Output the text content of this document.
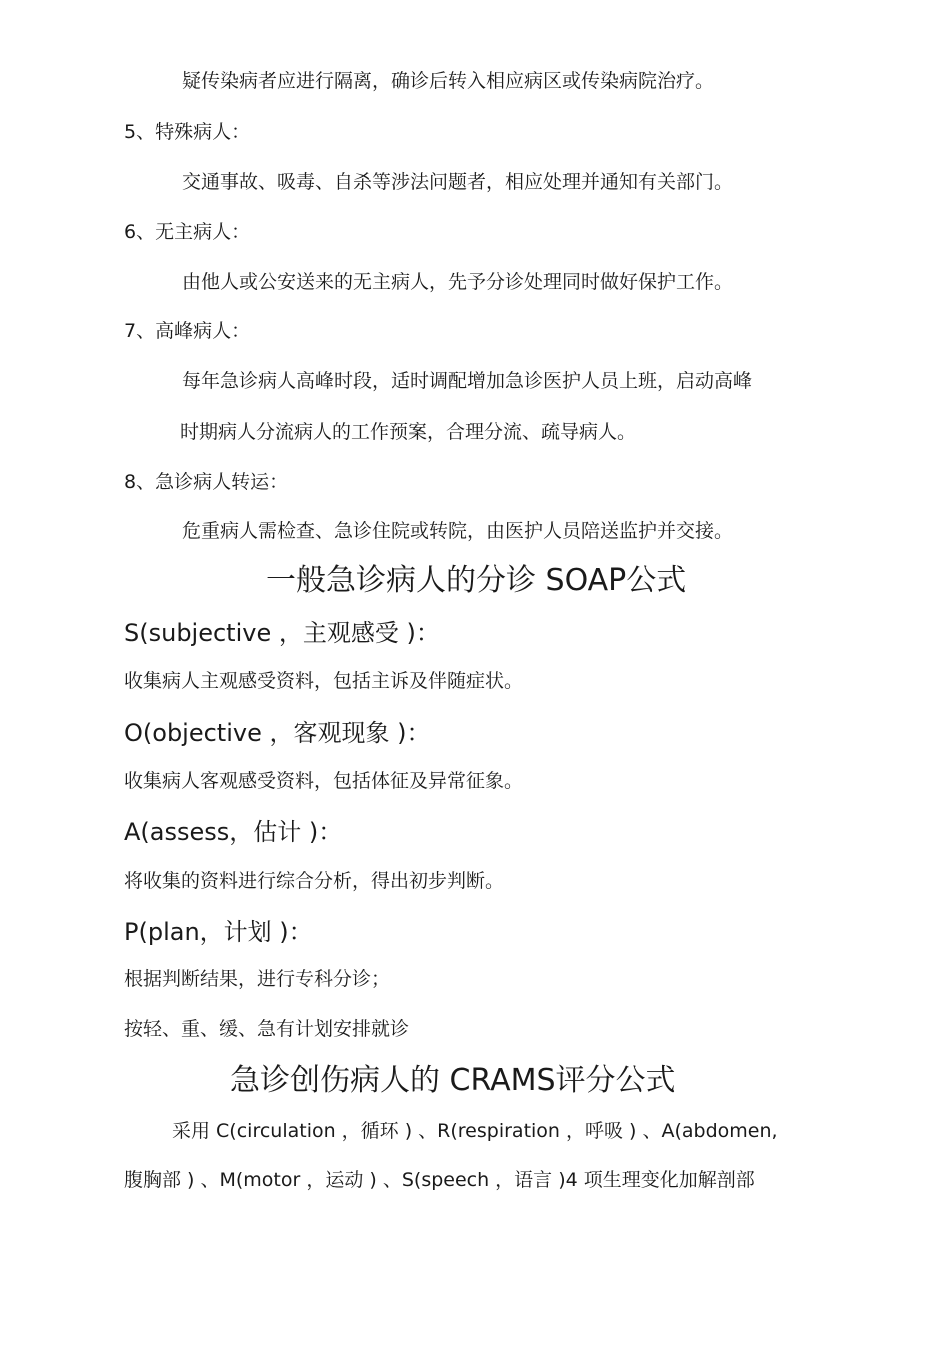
疑传染病者应进行隔离，确诊后转入相应病区或传染病院治疗。
5、特殊病人：
交通事故、吸毒、自杀等涉法问题者，相应处理并通知有关部门。
6、无主病人：
由他人或公安送来的无主病人，先予分诊处理同时做好保护工作。
7、高峰病人：
每年急诊病人高峰时段，适时调配增加急诊医护人员上班，启动高峰
时期病人分流病人的工作预案，合理分流、疏导病人。
8、急诊病人转运：
危重病人需检查、急诊住院或转院，由医护人员陪送监护并交接。
一般急诊病人的分诊 SOAP公式
S(subjective ，主观感受 )：
收集病人主观感受资料，包括主诉及伴随症状。
O(objective ，客观现象 )：
收集病人客观感受资料，包括体征及异常征象。
A(assess，估计 )：
将收集的资料进行综合分析，得出初步判断。
P(plan，计划 )：
根据判断结果，进行专科分诊；
按轻、重、缓、急有计划安排就诊
急诊创伤病人的 CRAMS评分公式
采用 C(circulation ，循环 ) 、R(respiration ，呼吸 ) 、A(abdomen,
腹胸部 ) 、M(motor ，运动 ) 、S(speech ，语言 )4 项生理变化加解剖部
